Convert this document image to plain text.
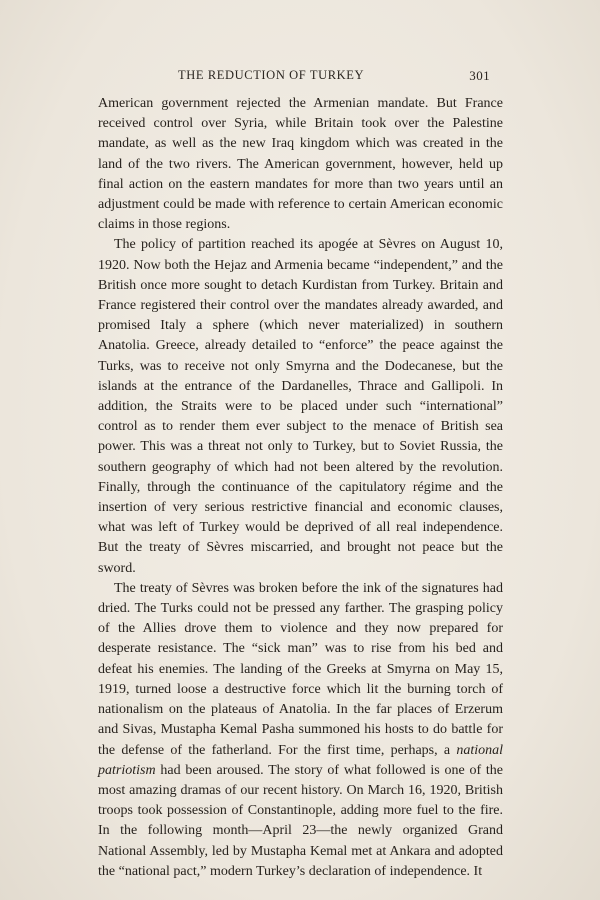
THE REDUCTION OF TURKEY	301

American government rejected the Armenian mandate. But France received control over Syria, while Britain took over the Palestine mandate, as well as the new Iraq kingdom which was created in the land of the two rivers. The American government, however, held up final action on the eastern mandates for more than two years until an adjustment could be made with reference to certain American economic claims in those regions.

The policy of partition reached its apogée at Sèvres on August 10, 1920. Now both the Hejaz and Armenia became “independent,” and the British once more sought to detach Kurdistan from Turkey. Britain and France registered their control over the mandates already awarded, and promised Italy a sphere (which never materialized) in southern Anatolia. Greece, already detailed to “enforce” the peace against the Turks, was to receive not only Smyrna and the Dodecanese, but the islands at the entrance of the Dardanelles, Thrace and Gallipoli. In addition, the Straits were to be placed under such “international” control as to render them ever subject to the menace of British sea power. This was a threat not only to Turkey, but to Soviet Russia, the southern geography of which had not been altered by the revolution. Finally, through the continuance of the capitulatory régime and the insertion of very serious restrictive financial and economic clauses, what was left of Turkey would be deprived of all real independence. But the treaty of Sèvres miscarried, and brought not peace but the sword.

The treaty of Sèvres was broken before the ink of the signatures had dried. The Turks could not be pressed any farther. The grasping policy of the Allies drove them to violence and they now prepared for desperate resistance. The “sick man” was to rise from his bed and defeat his enemies. The landing of the Greeks at Smyrna on May 15, 1919, turned loose a destructive force which lit the burning torch of nationalism on the plateaus of Anatolia. In the far places of Erzerum and Sivas, Mustapha Kemal Pasha summoned his hosts to do battle for the defense of the fatherland. For the first time, perhaps, a national patriotism had been aroused. The story of what followed is one of the most amazing dramas of our recent history. On March 16, 1920, British troops took possession of Constantinople, adding more fuel to the fire. In the following month—April 23—the newly organized Grand National Assembly, led by Mustapha Kemal met at Ankara and adopted the “national pact,” modern Turkey’s declaration of independence. It
